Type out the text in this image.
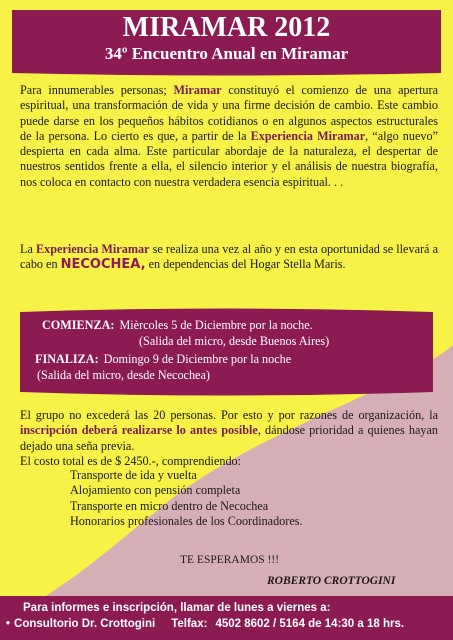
MIRAMAR 2012
34º Encuentro Anual en Miramar
Para innumerables personas; Miramar constituyó el comienzo de una apertura espiritual, una transformación de vida y una firme decisión de cambio. Este cambio puede darse en los pequeños hábitos cotidianos o en algunos aspectos estructurales de la persona. Lo cierto es que, a partir de la Experiencia Miramar, “algo nuevo” despierta en cada alma. Este particular abordaje de la naturaleza, el despertar de nuestros sentidos frente a ella, el silencio interior y el análisis de nuestra biografía, nos coloca en contacto con nuestra verdadera esencia espiritual. . .
La Experiencia Miramar se realiza una vez al año y en esta oportunidad se llevará a cabo en NECOCHEA, en dependencias del Hogar Stella Maris.
COMIENZA: Mièrcoles 5 de Diciembre por la noche.
(Salida del micro, desde Buenos Aires)
FINALIZA: Domingo 9 de Diciembre por la noche
(Salida del micro, desde Necochea)
El grupo no excederá las 20 personas. Por esto y por razones de organización, la inscripción deberá realizarse lo antes posible, dándose prioridad a quienes hayan dejado una seña previa.
El costo total es de $ 2450.-, comprendiendo:
Transporte de ida y vuelta
Alojamiento con pensión completa
Transporte en micro dentro de Necochea
Honorarios profesionales de los Coordinadores.
TE ESPERAMOS !!!
ROBERTO CROTTOGINI
Para informes e inscripción, llamar de lunes a viernes a:
• Consultorio Dr. Crottogini Telfax: 4502 8602 / 5164 de 14:30 a 18 hrs.
